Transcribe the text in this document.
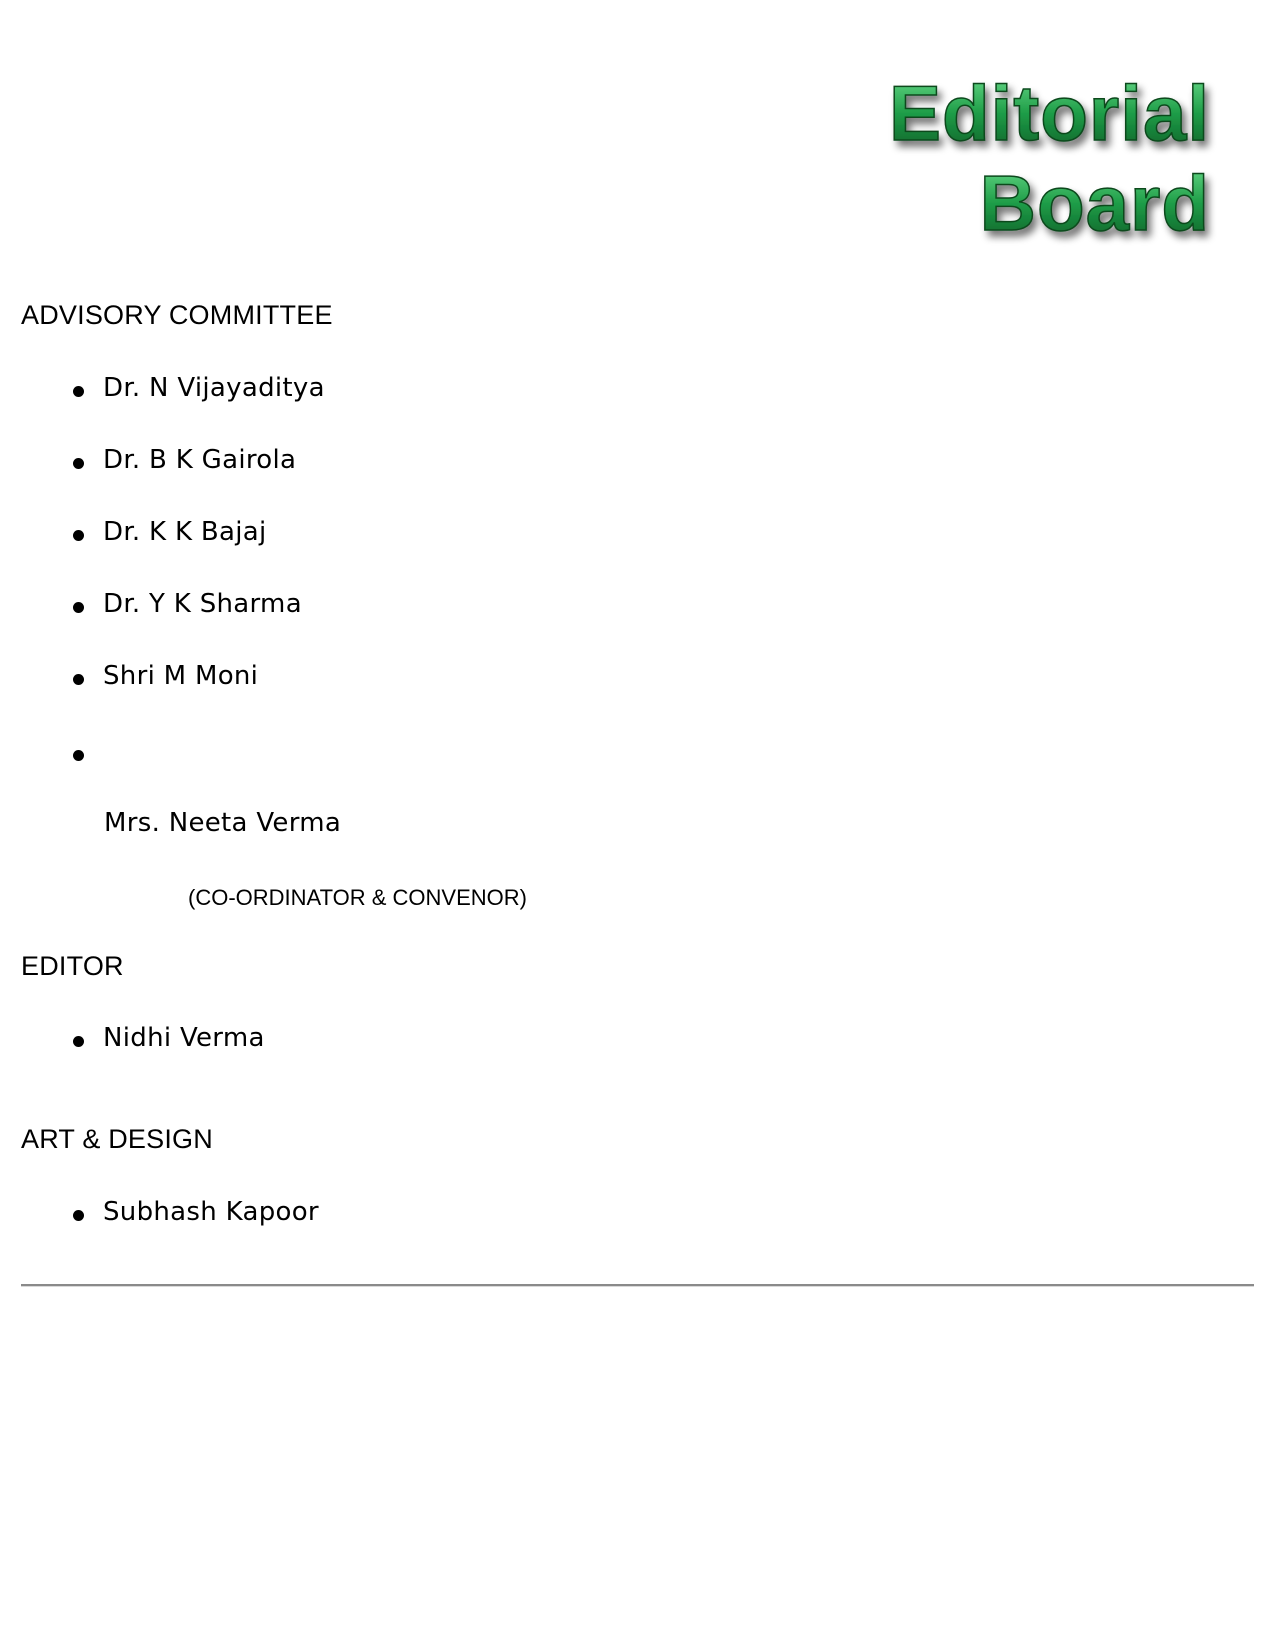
Editorial
Board
ADVISORY COMMITTEE
Dr. N Vijayaditya
Dr. B K Gairola
Dr. K K Bajaj
Dr. Y K Sharma
Shri M Moni
Mrs. Neeta Verma
(CO-ORDINATOR & CONVENOR)
EDITOR
Nidhi Verma
ART & DESIGN
Subhash Kapoor
